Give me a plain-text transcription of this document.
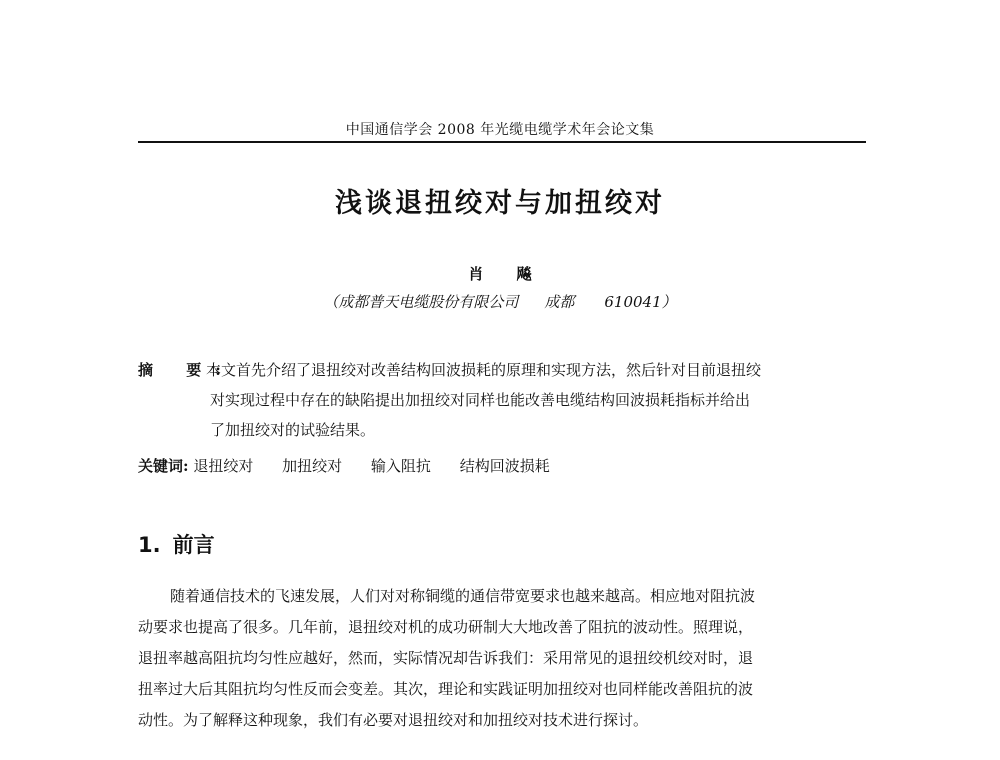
中国通信学会 2008 年光缆电缆学术年会论文集
浅谈退扭绞对与加扭绞对
肖 飚
（成都普天电缆股份有限公司 成都 610041）
摘 要:
本文首先介绍了退扭绞对改善结构回波损耗的原理和实现方法，然后针对目前退扭绞
对实现过程中存在的缺陷提出加扭绞对同样也能改善电缆结构回波损耗指标并给出
了加扭绞对的试验结果。
关键词: 退扭绞对 加扭绞对 输入阻抗 结构回波损耗
1. 前言
随着通信技术的飞速发展，人们对对称铜缆的通信带宽要求也越来越高。相应地对阻抗波
动要求也提高了很多。几年前，退扭绞对机的成功研制大大地改善了阻抗的波动性。照理说，
退扭率越高阻抗均匀性应越好，然而，实际情况却告诉我们：采用常见的退扭绞机绞对时，退
扭率过大后其阻抗均匀性反而会变差。其次，理论和实践证明加扭绞对也同样能改善阻抗的波
动性。为了解释这种现象，我们有必要对退扭绞对和加扭绞对技术进行探讨。
